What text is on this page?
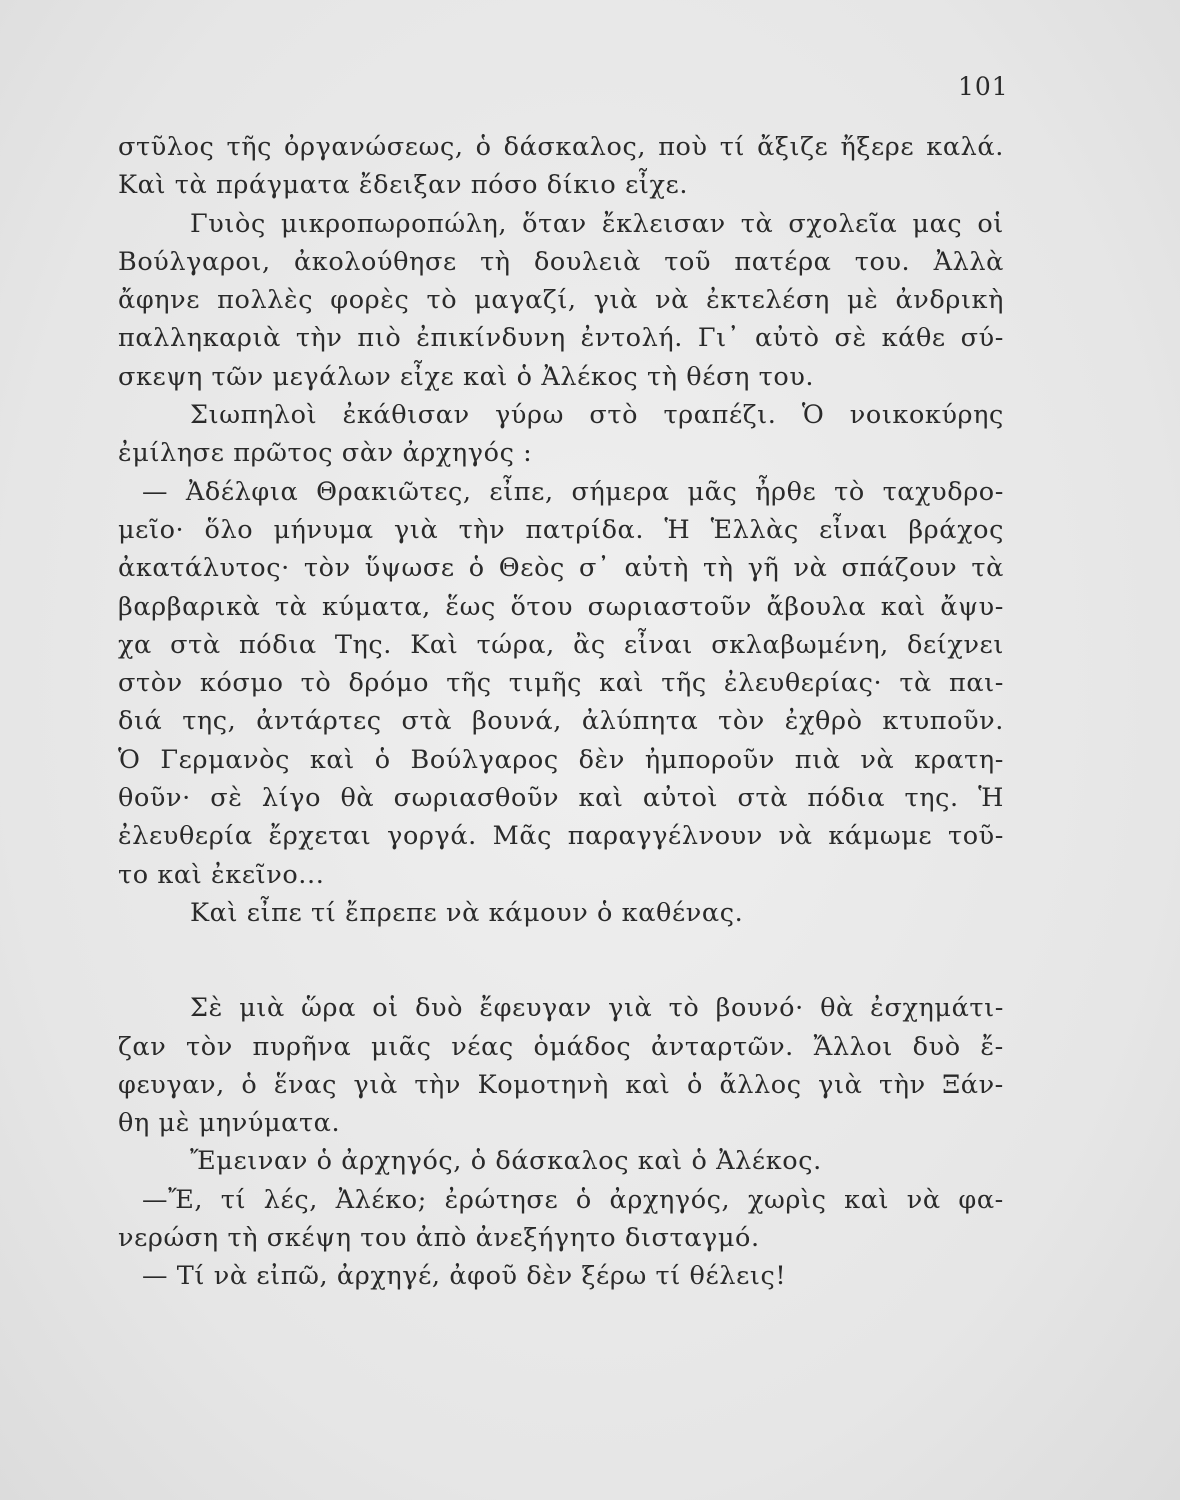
101
στῦλος τῆς ὀργανώσεως, ὁ δάσκαλος, ποὺ τί ἄξιζε ἤξερε καλά.
Καὶ τὰ πράγματα ἔδειξαν πόσο δίκιο εἶχε.
Γυιὸς μικροπωροπώλη, ὅταν ἔκλεισαν τὰ σχολεῖα μας οἱ
Βούλγαροι, ἀκολούθησε τὴ δουλειὰ τοῦ πατέρα του. Ἀλλὰ
ἄφηνε πολλὲς φορὲς τὸ μαγαζί, γιὰ νὰ ἐκτελέση μὲ ἀνδρικὴ
παλληκαριὰ τὴν πιὸ ἐπικίνδυνη ἐντολή. Γι᾽ αὐτὸ σὲ κάθε σύ-
σκεψη τῶν μεγάλων εἶχε καὶ ὁ Ἀλέκος τὴ θέση του.
Σιωπηλοὶ ἐκάθισαν γύρω στὸ τραπέζι. Ὁ νοικοκύρης
ἐμίλησε πρῶτος σὰν ἀρχηγός :
— Ἀδέλφια Θρακιῶτες, εἶπε, σήμερα μᾶς ἦρθε τὸ ταχυδρο-
μεῖο· ὅλο μήνυμα γιὰ τὴν πατρίδα. Ἡ Ἑλλὰς εἶναι βράχος
ἀκατάλυτος· τὸν ὕψωσε ὁ Θεὸς σ᾽ αὐτὴ τὴ γῆ νὰ σπάζουν τὰ
βαρβαρικὰ τὰ κύματα, ἕως ὅτου σωριαστοῦν ἄβουλα καὶ ἄψυ-
χα στὰ πόδια Της. Καὶ τώρα, ἂς εἶναι σκλαβωμένη, δείχνει
στὸν κόσμο τὸ δρόμο τῆς τιμῆς καὶ τῆς ἐλευθερίας· τὰ παι-
διά της, ἀντάρτες στὰ βουνά, ἀλύπητα τὸν ἐχθρὸ κτυποῦν.
Ὁ Γερμανὸς καὶ ὁ Βούλγαρος δὲν ἠμποροῦν πιὰ νὰ κρατη-
θοῦν· σὲ λίγο θὰ σωριασθοῦν καὶ αὐτοὶ στὰ πόδια της. Ἡ
ἐλευθερία ἔρχεται γοργά. Μᾶς παραγγέλνουν νὰ κάμωμε τοῦ-
το καὶ ἐκεῖνο...
Καὶ εἶπε τί ἔπρεπε νὰ κάμουν ὁ καθένας.
Σὲ μιὰ ὥρα οἱ δυὸ ἔφευγαν γιὰ τὸ βουνό· θὰ ἐσχημάτι-
ζαν τὸν πυρῆνα μιᾶς νέας ὁμάδος ἀνταρτῶν. Ἄλλοι δυὸ ἔ-
φευγαν, ὁ ἕνας γιὰ τὴν Κομοτηνὴ καὶ ὁ ἄλλος γιὰ τὴν Ξάν-
θη μὲ μηνύματα.
Ἔμειναν ὁ ἀρχηγός, ὁ δάσκαλος καὶ ὁ Ἀλέκος.
—Ἔ, τί λές, Ἀλέκο; ἐρώτησε ὁ ἀρχηγός, χωρὶς καὶ νὰ φα-
νερώση τὴ σκέψη του ἀπὸ ἀνεξήγητο δισταγμό.
— Τί νὰ εἰπῶ, ἀρχηγέ, ἀφοῦ δὲν ξέρω τί θέλεις!
